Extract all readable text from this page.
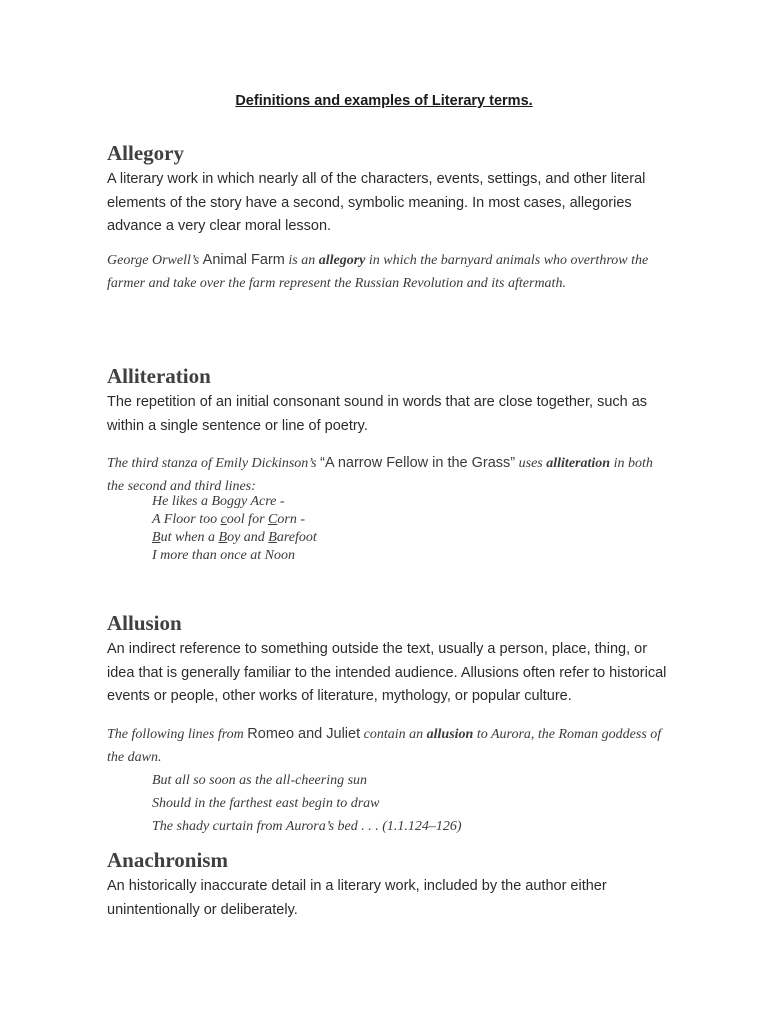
Definitions and examples of Literary terms.
Allegory

A literary work in which nearly all of the characters, events, settings, and other literal elements of the story have a second, symbolic meaning. In most cases, allegories advance a very clear moral lesson.

George Orwell’s Animal Farm is an allegory in which the barnyard animals who overthrow the farmer and take over the farm represent the Russian Revolution and its aftermath.

Alliteration

The repetition of an initial consonant sound in words that are close together, such as within a single sentence or line of poetry.

The third stanza of Emily Dickinson’s “A narrow Fellow in the Grass” uses alliteration in both the second and third lines:

He likes a Boggy Acre -
A Floor too cool for Corn -
But when a Boy and Barefoot
I more than once at Noon
Allusion

An indirect reference to something outside the text, usually a person, place, thing, or idea that is generally familiar to the intended audience. Allusions often refer to historical events or people, other works of literature, mythology, or popular culture.

The following lines from Romeo and Juliet contain an allusion to Aurora, the Roman goddess of the dawn.

But all so soon as the all-cheering sun
Should in the farthest east begin to draw
The shady curtain from Aurora’s bed . . . (1.1.124–126)
Anachronism

An historically inaccurate detail in a literary work, included by the author either unintentionally or deliberately.
